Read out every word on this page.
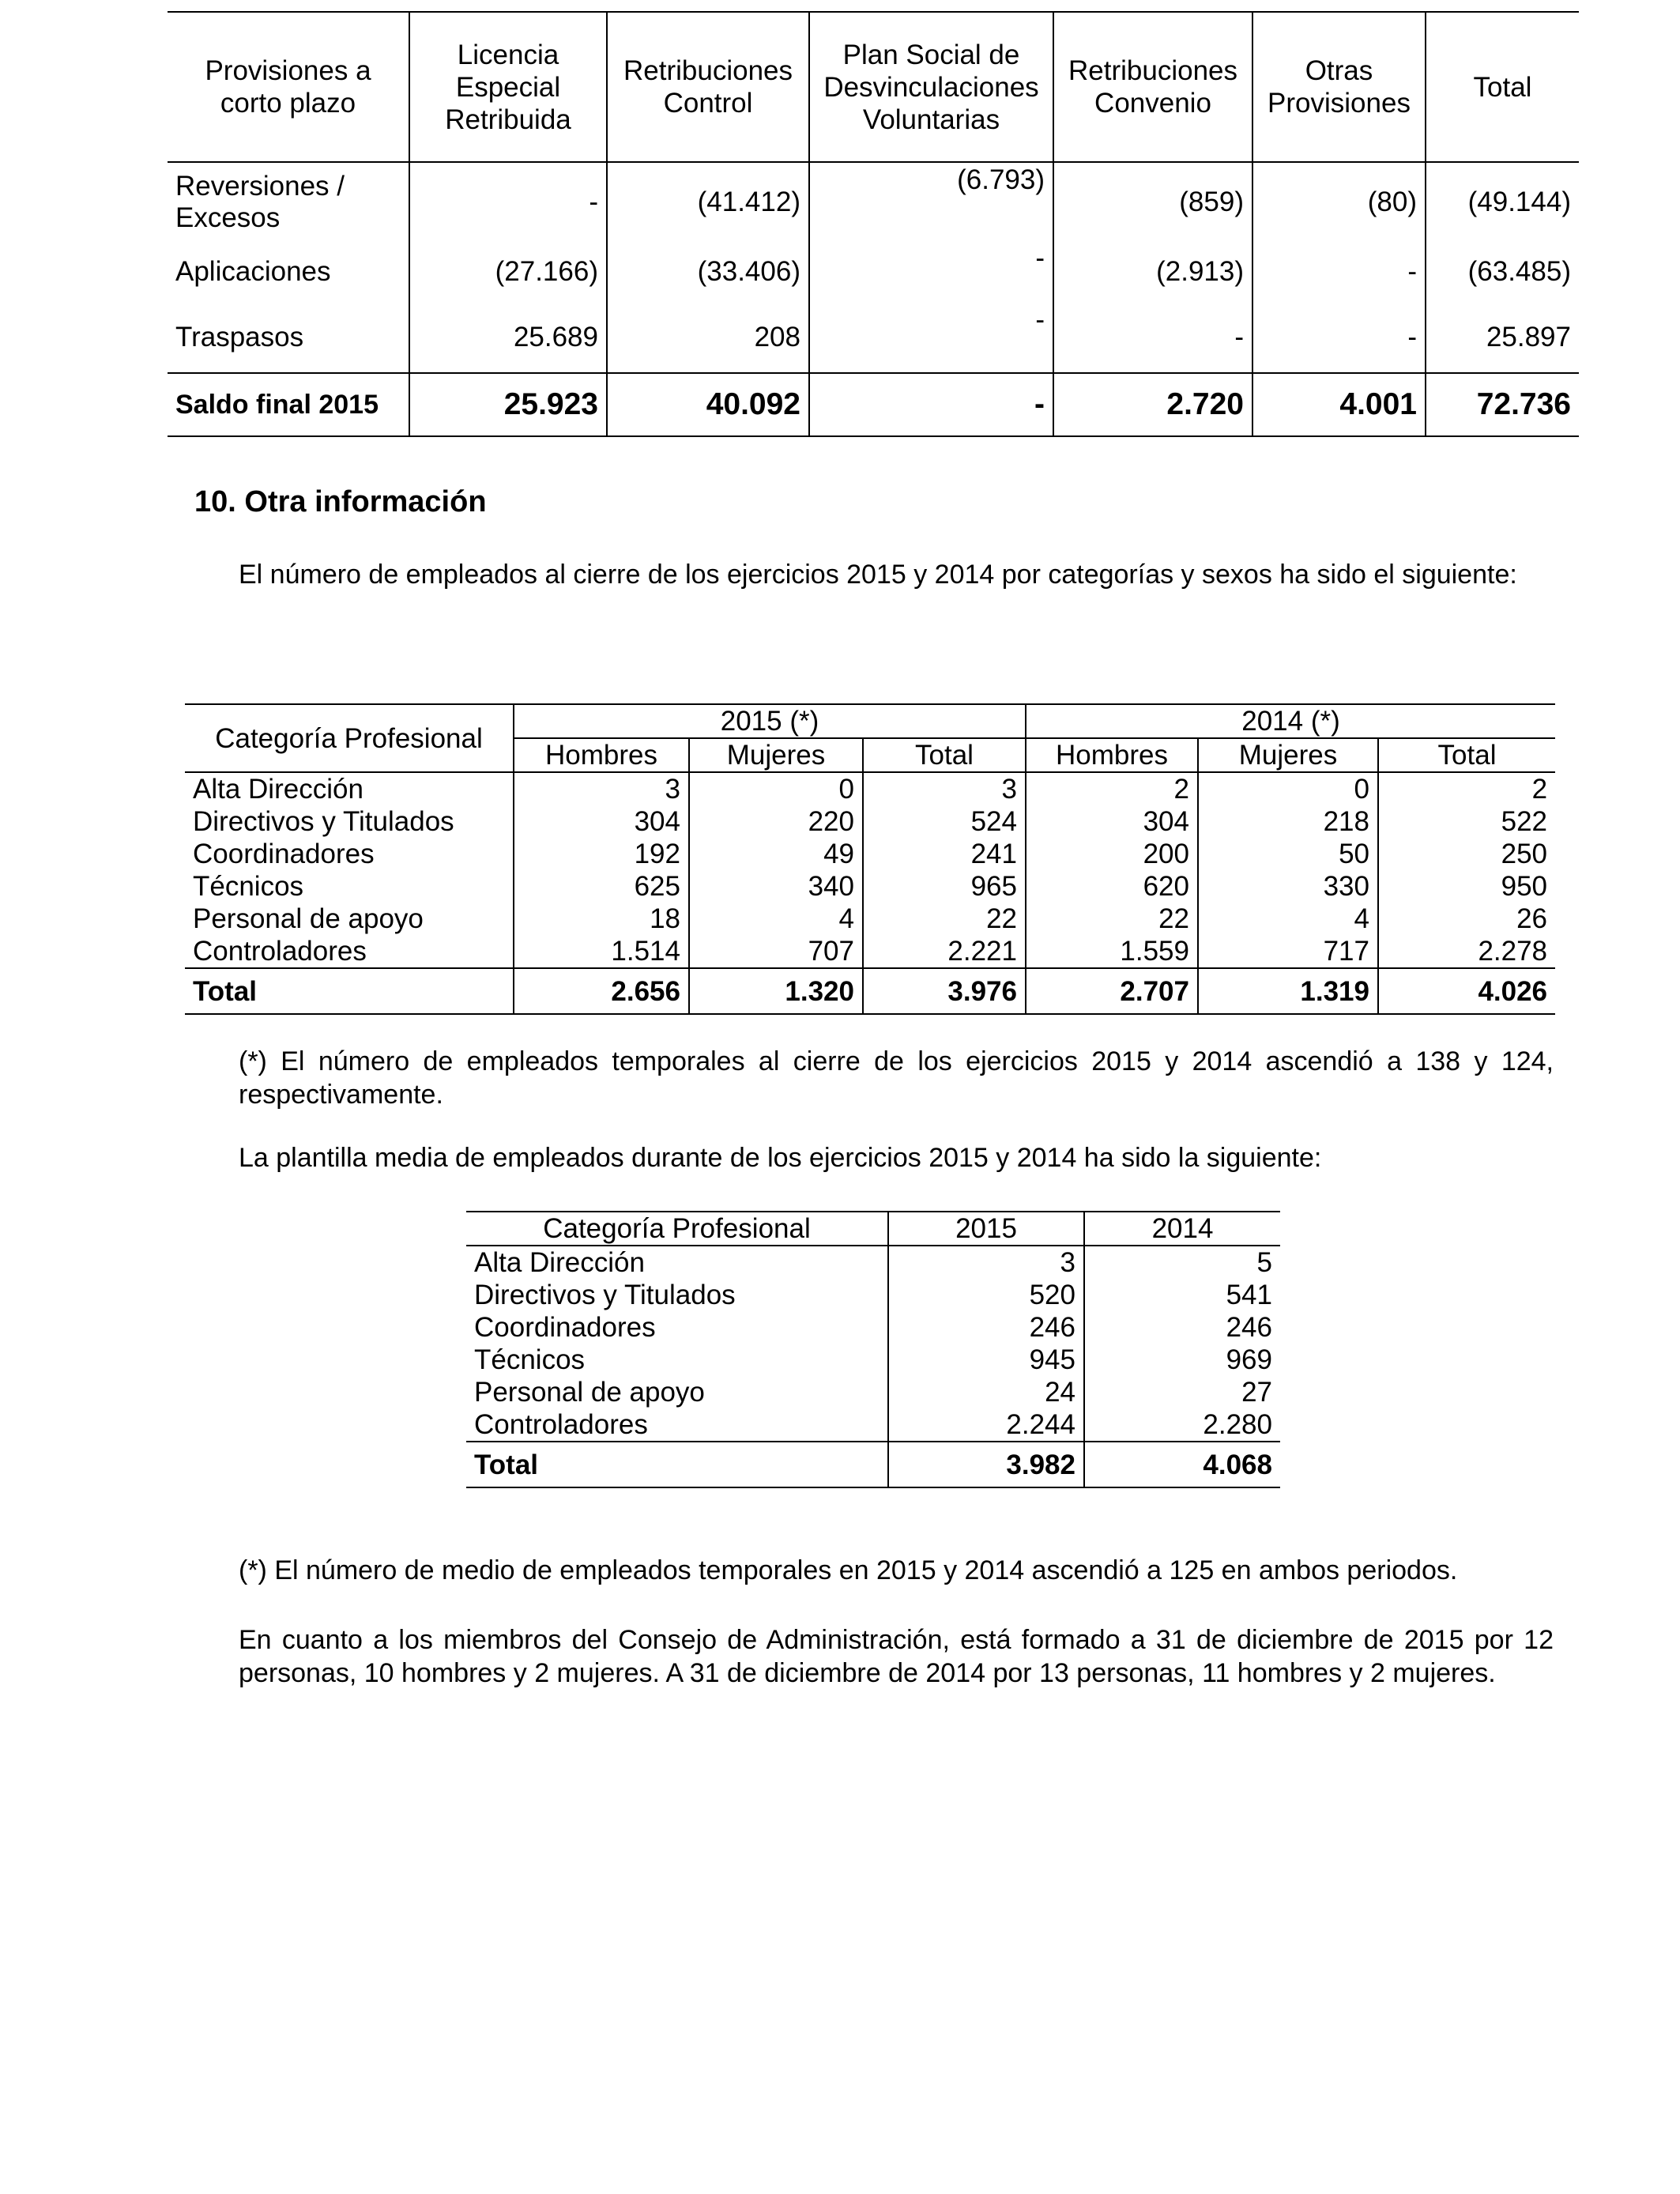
Provisiones a corto plazo	Licencia Especial Retribuida	Retribuciones Control	Plan Social de Desvinculaciones Voluntarias	Retribuciones Convenio	Otras Provisiones	Total
Reversiones / Excesos	-	(41.412)	(6.793)	(859)	(80)	(49.144)
Aplicaciones	(27.166)	(33.406)	-	(2.913)	-	(63.485)
Traspasos	25.689	208	-	-	-	25.897
Saldo final 2015	25.923	40.092	-	2.720	4.001	72.736
10. Otra información

El número de empleados al cierre de los ejercicios 2015 y 2014 por categorías y sexos ha sido el siguiente:

Categoría Profesional	2015 (*)			2014 (*)		
	Hombres	Mujeres	Total	Hombres	Mujeres	Total
Alta Dirección	3	0	3	2	0	2
Directivos y Titulados	304	220	524	304	218	522
Coordinadores	192	49	241	200	50	250
Técnicos	625	340	965	620	330	950
Personal de apoyo	18	4	22	22	4	26
Controladores	1.514	707	2.221	1.559	717	2.278
Total	2.656	1.320	3.976	2.707	1.319	4.026

(*) El número de empleados temporales al cierre de los ejercicios 2015 y 2014 ascendió a 138 y 124, respectivamente.

La plantilla media de empleados durante de los ejercicios 2015 y 2014 ha sido la siguiente:

Categoría Profesional	2015	2014
Alta Dirección	3	5
Directivos y Titulados	520	541
Coordinadores	246	246
Técnicos	945	969
Personal de apoyo	24	27
Controladores	2.244	2.280
Total	3.982	4.068

(*) El número de medio de empleados temporales en 2015 y 2014 ascendió a 125 en ambos periodos.

En cuanto a los miembros del Consejo de Administración, está formado a 31 de diciembre de 2015 por 12 personas, 10 hombres y 2 mujeres. A 31 de diciembre de 2014 por 13 personas, 11 hombres y 2 mujeres.
